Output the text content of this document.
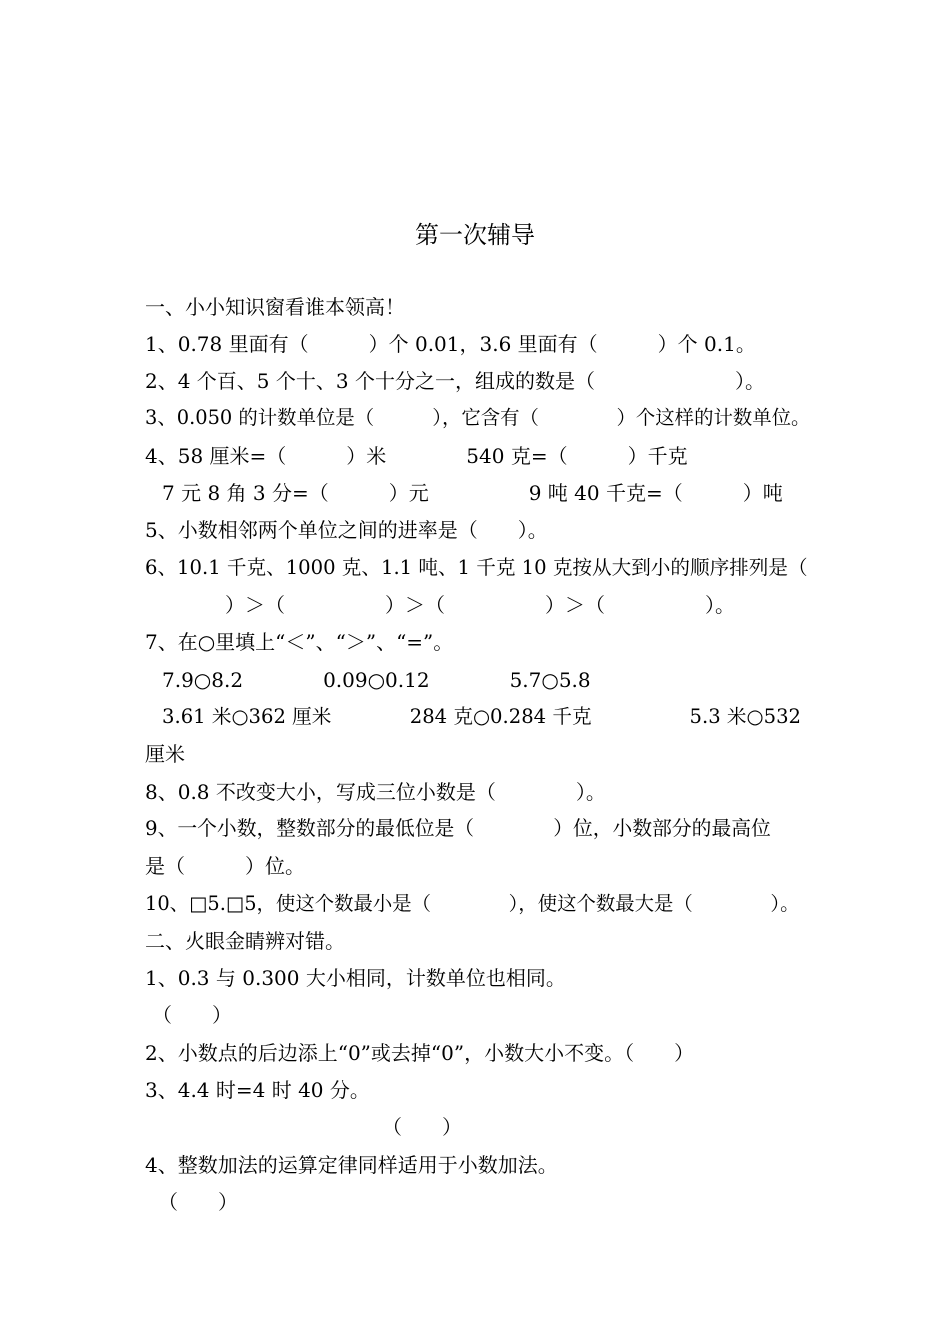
第一次辅导
一、小小知识窗看谁本领高！
1、0.78 里面有（　　　）个 0.01，3.6 里面有（　　　）个 0.1。
2、4 个百、5 个十、3 个十分之一，组成的数是（　　　　　　　）。
3、0.050 的计数单位是（　　　），它含有（　　　　）个这样的计数单位。
4、58 厘米=（　　　）米　　　　540 克=（　　　）千克
7 元 8 角 3 分=（　　　）元　　　　　9 吨 40 千克=（　　　）吨
5、小数相邻两个单位之间的进率是（　　）。
6、10.1 千克、1000 克、1.1 吨、1 千克 10 克按从大到小的顺序排列是（
　　　　）＞（　　　　　）＞（　　　　　）＞（　　　　　）。
7、在○里填上“＜”、“＞”、“=”。
7.9○8.2　　　　0.09○0.12　　　　5.7○5.8
3.61 米○362 厘米　　　　284 克○0.284 千克　　　　　5.3 米○532
厘米
8、0.8 不改变大小，写成三位小数是（　　　　）。
9、一个小数，整数部分的最低位是（　　　　）位，小数部分的最高位
是（　　　）位。
10、□5.□5，使这个数最小是（　　　　），使这个数最大是（　　　　）。
二、火眼金睛辨对错。
1、0.3 与 0.300 大小相同，计数单位也相同。
（　　）
2、小数点的后边添上“0”或去掉“0”，小数大小不变。（　　）
3、4.4 时=4 时 40 分。
（　　）
4、整数加法的运算定律同样适用于小数加法。
（　　）
